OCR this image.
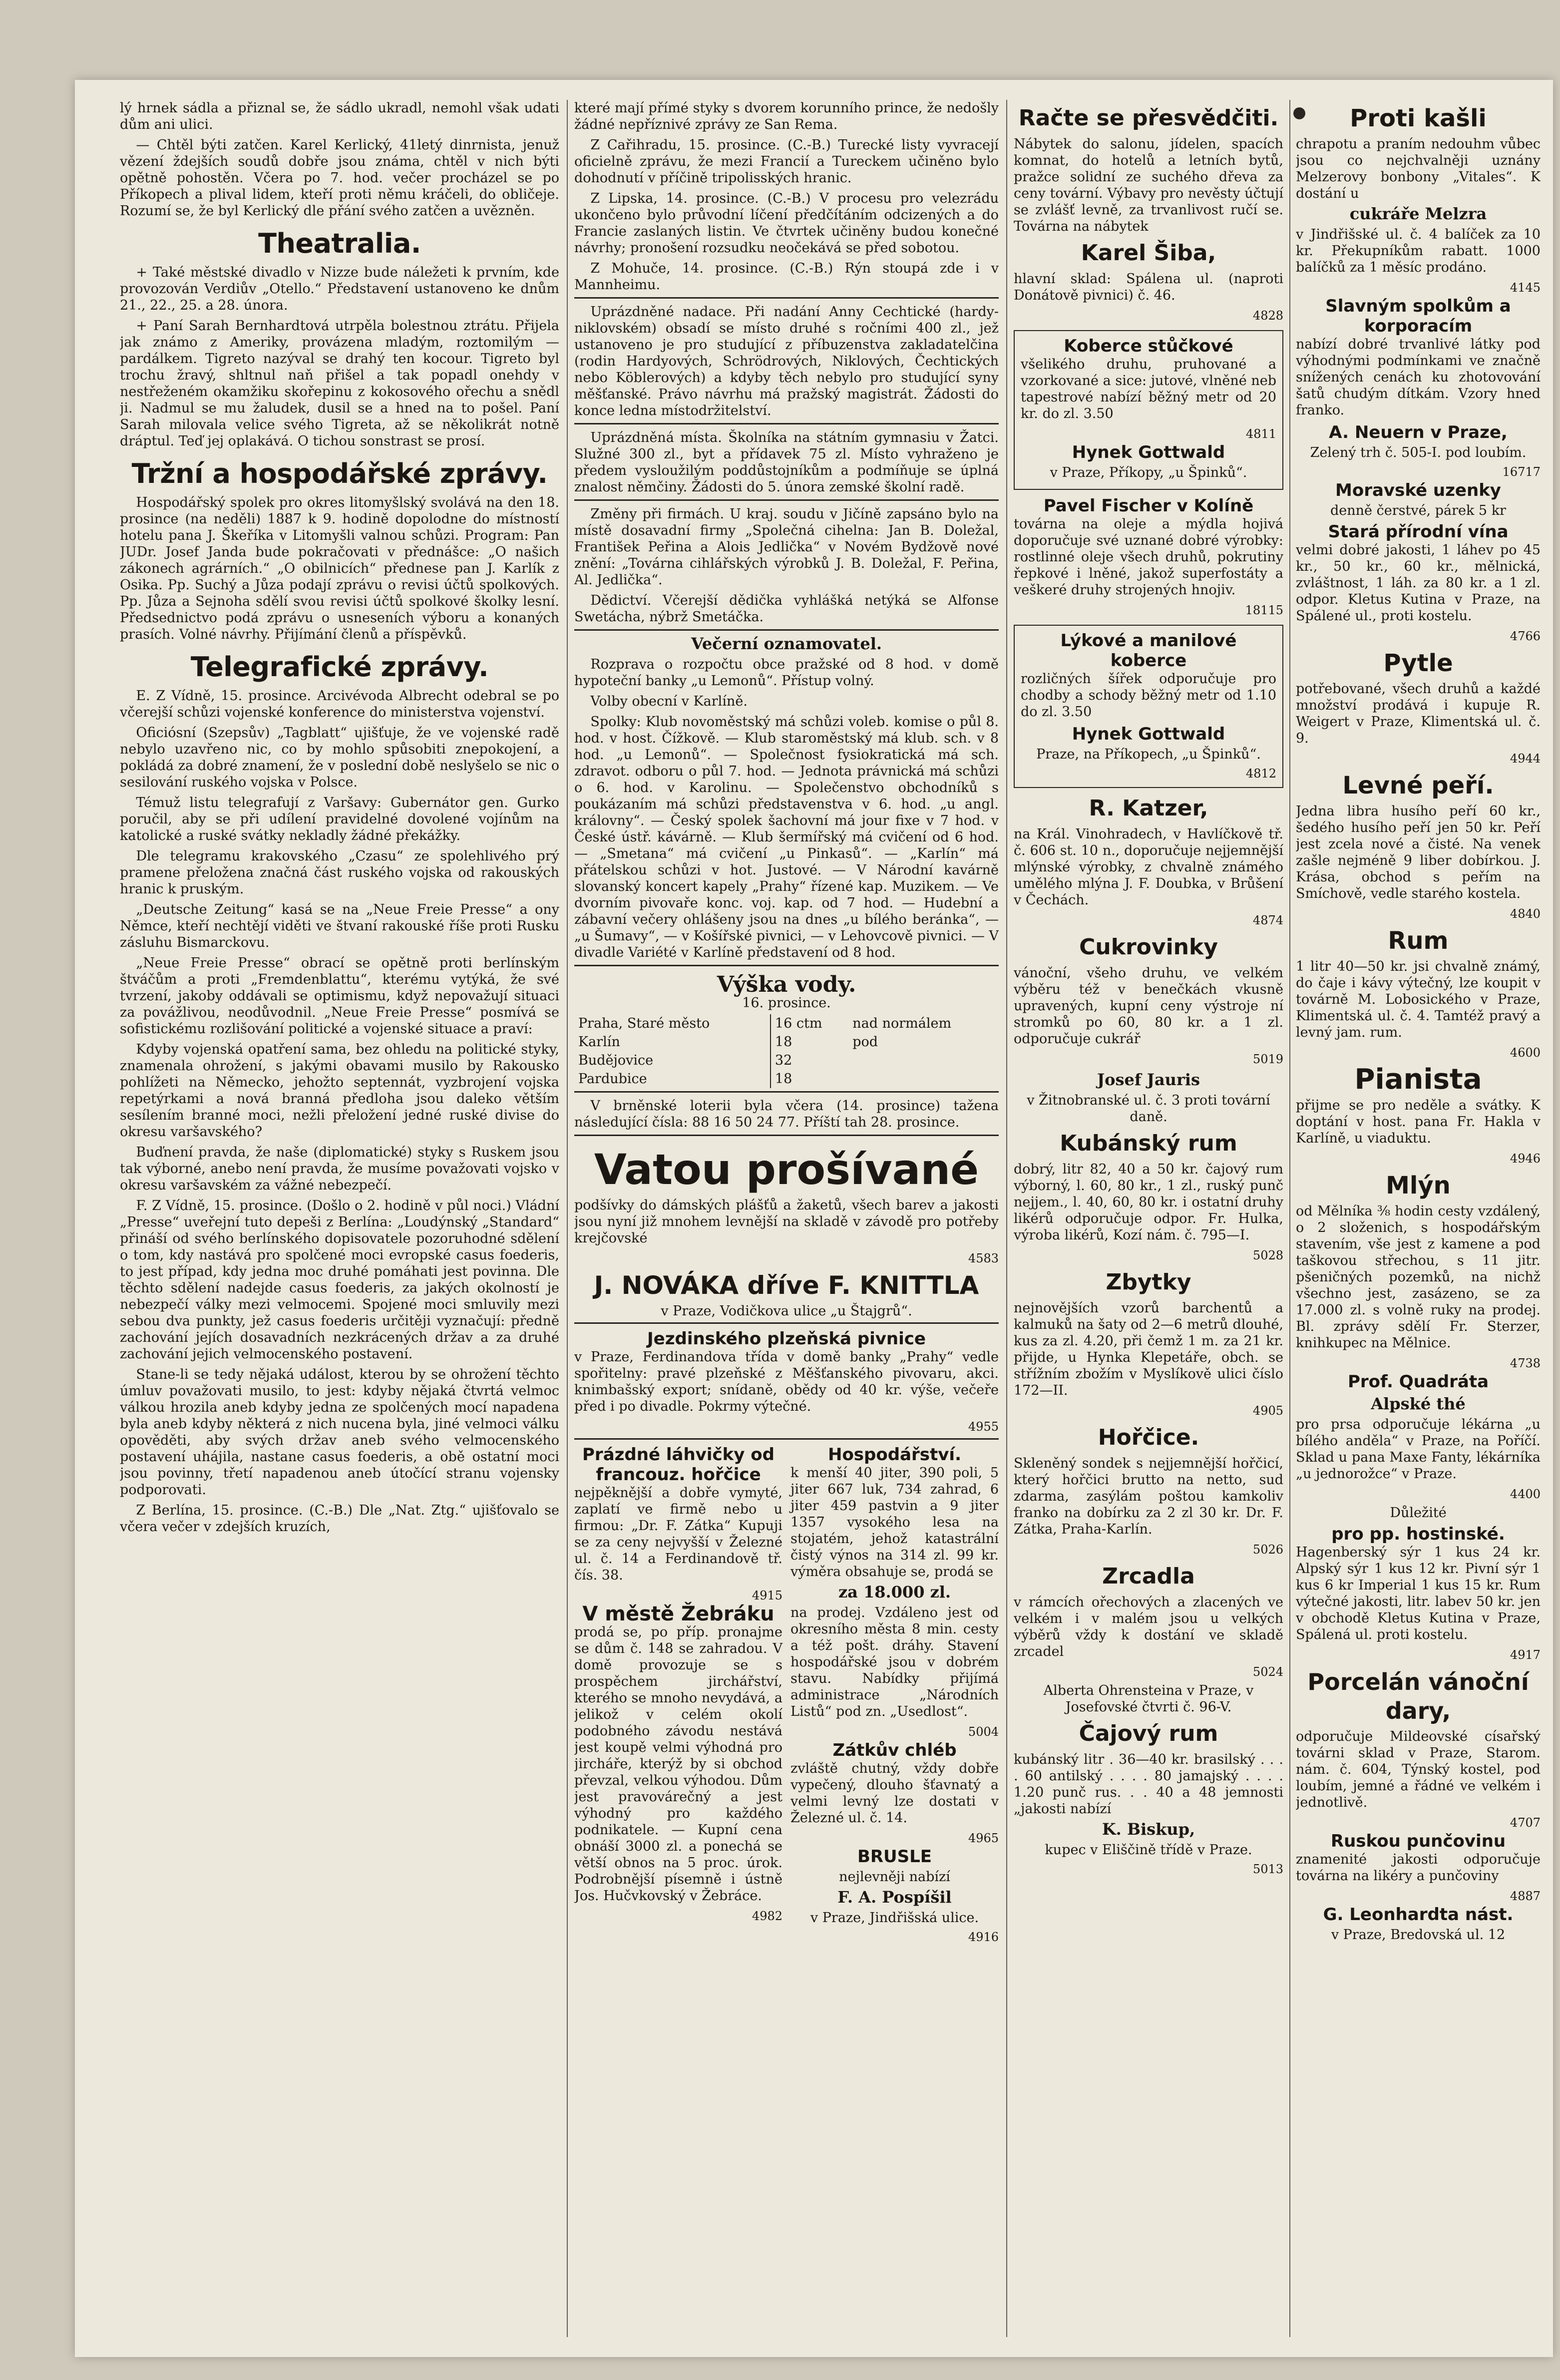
lý hrnek sádla a přiznal se, že sádlo ukradl, nemohl však udati dům ani ulici.

— Chtěl býti zatčen. Karel Kerlický, 41letý dinrnista, jenuž vězení ždejších soudů dobře jsou známa, chtěl v nich býti opětně pohostěn. Včera po 7. hod. večer procházel se po Příkopech a plival lidem, kteří proti němu kráčeli, do obličeje. Rozumí se, že byl Kerlický dle přání svého zatčen a uvězněn.

Theatralia.

+ Také městské divadlo v Nizze bude náležeti k prvním, kde provozován Verdiův „Otello.“ Představení ustanoveno ke dnům 21., 22., 25. a 28. února.

+ Paní Sarah Bernhardtová utrpěla bolestnou ztrátu. Přijela jak známo z Ameriky, provázena mladým, roztomilým — pardálkem. Tigreto nazýval se drahý ten kocour. Tigreto byl trochu žravý, shltnul naň přišel a tak popadl onehdy v nestřeženém okamžiku skořepinu z kokosového ořechu a snědl ji. Nadmul se mu žaludek, dusil se a hned na to pošel. Paní Sarah milovala velice svého Tigreta, až se několikrát notně dráptul. Teď jej oplakává. O tichou sonstrast se prosí.

Tržní a hospodářské zprávy.

Hospodářský spolek pro okres litomyšlský svolává na den 18. prosince (na neděli) 1887 k 9. hodině dopolodne do místností hotelu pana J. Škeříka v Litomyšli valnou schůzi. Program: Pan JUDr. Josef Janda bude pokračovati v přednášce: „O našich zákonech agrárních.“ „O obilnicích“ přednese pan J. Karlík z Osika. Pp. Suchý a Jůza podají zprávu o revisi účtů spolkových. Pp. Jůza a Sejnoha sdělí svou revisi účtů spolkové školky lesní. Předsednictvo podá zprávu o usneseních výboru a konaných prasích. Volné návrhy. Přijímání členů a příspěvků.

Telegrafické zprávy.

E. Z Vídně, 15. prosince. Arcivévoda Albrecht odebral se po včerejší schůzi vojenské konference do ministerstva vojenství.

Oficiósní (Szepsův) „Tagblatt“ ujišťuje, že ve vojenské radě nebylo uzavřeno nic, co by mohlo spůsobiti znepokojení, a pokládá za dobré znamení, že v poslední době neslyšelo se nic o sesilování ruského vojska v Polsce.

Témuž listu telegrafují z Varšavy: Gubernátor gen. Gurko poručil, aby se při udílení pravidelné dovolené vojínům na katolické a ruské svátky nekladly žádné překážky.

Dle telegramu krakovského „Czasu“ ze spolehlivého prý pramene přeložena značná část ruského vojska od rakouských hranic k pruským.

„Deutsche Zeitung“ kasá se na „Neue Freie Presse“ a ony Němce, kteří nechtějí viděti ve štvaní rakouské říše proti Rusku zásluhu Bismarckovu.

„Neue Freie Presse“ obrací se opětně proti berlínským štváčům a proti „Fremdenblattu“, kterému vytýká, že své tvrzení, jakoby oddávali se optimismu, když nepovažují situaci za povážlivou, neodůvodnil. „Neue Freie Presse“ posmívá se sofistickému rozlišování politické a vojenské situace a praví:

Kdyby vojenská opatření sama, bez ohledu na politické styky, znamenala ohrožení, s jakými obavami musilo by Rakousko pohlížeti na Německo, jehožto septennát, vyzbrojení vojska repetýrkami a nová branná předloha jsou daleko větším sesílením branné moci, nežli přeložení jedné ruské divise do okresu varšavského?

Buďnení pravda, že naše (diplomatické) styky s Ruskem jsou tak výborné, anebo není pravda, že musíme považovati vojsko v okresu varšavském za vážné nebezpečí.

F. Z Vídně, 15. prosince. (Došlo o 2. hodině v půl noci.) Vládní „Presse“ uveřejní tuto depeši z Berlína: „Loudýnský „Standard“ přináší od svého berlínského dopisovatele pozoruhodné sdělení o tom, kdy nastává pro spolčené moci evropské casus foederis, to jest případ, kdy jedna moc druhé pomáhati jest povinna. Dle těchto sdělení nadejde casus foederis, za jakých okolností je nebezpečí války mezi velmocemi. Spojené moci smluvily mezi sebou dva punkty, jež casus foederis určitěji vyznačují: předně zachování jejích dosavadních nezkrácených držav a za druhé zachování jejich velmocenského postavení.

Stane-li se tedy nějaká událost, kterou by se ohrožení těchto úmluv považovati musilo, to jest: kdyby nějaká čtvrtá velmoc válkou hrozila aneb kdyby jedna ze spolčených mocí napadena byla aneb kdyby některá z nich nucena byla, jiné velmoci válku opověděti, aby svých držav aneb svého velmocenského postavení uhájila, nastane casus foederis, a obě ostatní moci jsou povinny, třetí napadenou aneb útočící stranu vojensky podporovati.

Z Berlína, 15. prosince. (C.-B.) Dle „Nat. Ztg.“ ujišťovalo se včera večer v zdejších kruzích,

které mají přímé styky s dvorem korunního prince, že nedošly žádné nepříznivé zprávy ze San Rema.

Z Cařihradu, 15. prosince. (C.-B.) Turecké listy vyvracejí oficielně zprávu, že mezi Francií a Tureckem učiněno bylo dohodnutí v příčině tripolisských hranic.

Z Lipska, 14. prosince. (C.-B.) V procesu pro velezrádu ukončeno bylo průvodní líčení předčítáním odcizených a do Francie zaslaných listin. Ve čtvrtek učiněny budou konečné návrhy; pronošení rozsudku neočekává se před sobotou.

Z Mohuče, 14. prosince. (C.-B.) Rýn stoupá zde i v Mannheimu.

Uprázdněné nadace. Při nadání Anny Cechtické (hardy-niklovském) obsadí se místo druhé s ročními 400 zl., jež ustanoveno je pro studující z příbuzenstva zakladatelčina (rodin Hardyových, Schrödrových, Niklových, Čechtických nebo Köblerových) a kdyby těch nebylo pro studující syny měšťanské. Právo návrhu má pražský magistrát. Žádosti do konce ledna místodržitelství.

Uprázdněná místa. Školníka na státním gymnasiu v Žatci. Služné 300 zl., byt a přídavek 75 zl. Místo vyhraženo je předem vysloužilým poddůstojníkům a podmíňuje se úplná znalost němčiny. Žádosti do 5. února zemské školní radě.

Změny při firmách. U kraj. soudu v Jičíně zapsáno bylo na místě dosavadní firmy „Společná cihelna: Jan B. Doležal, František Peřina a Alois Jedlička“ v Novém Bydžově nové znění: „Továrna cihlářských výrobků J. B. Doležal, F. Peřina, Al. Jedlička“.

Dědictví. Včerejší dědička vyhlášká netýká se Alfonse Swetácha, nýbrž Smetáčka.

Večerní oznamovatel.

Rozprava o rozpočtu obce pražské od 8 hod. v domě hypoteční banky „u Lemonů“. Přístup volný.

Volby obecní v Karlíně.

Spolky: Klub novoměstský má schůzi voleb. komise o půl 8. hod. v host. Čížkově. — Klub staroměstský má klub. sch. v 8 hod. „u Lemonů“. — Společnost fysiokratická má sch. zdravot. odboru o půl 7. hod. — Jednota právnická má schůzi o 6. hod. v Karolinu. — Společenstvo obchodníků s poukázaním má schůzi představenstva v 6. hod. „u angl. královny“. — Český spolek šachovní má jour fixe v 7 hod. v České ústř. kávárně. — Klub šermířský má cvičení od 6 hod. — „Smetana“ má cvičení „u Pinkasů“. — „Karlín“ má přátelskou schůzi v hot. Justové. — V Národní kavárně slovanský koncert kapely „Prahy“ řízené kap. Muzikem. — Ve dvorním pivovaře konc. voj. kap. od 7 hod. — Hudební a zábavní večery ohlášeny jsou na dnes „u bílého beránka“, — „u Šumavy“, — v Košířské pivnici, — v Lehovcově pivnici. — V divadle Variété v Karlíně představení od 8 hod.

Výška vody.
16. prosince.
Praha, Staré město	16 ctm	nad normálem
Karlín	18	pod
Budějovice	32	
Pardubice	18	

V brněnské loterii byla včera (14. prosince) tažena následující čísla: 88 16 50 24 77. Příští tah 28. prosince.

Vatou prošívané

podšívky do dámských plášťů a žaketů, všech barev a jakosti jsou nyní již mnohem levnější na skladě v závodě pro potřeby krejčovské

4583
J. NOVÁKA dříve F. KNITTLA
v Praze, Vodičkova ulice „u Štajgrů“.
Jezdinského plzeňská pivnice

v Praze, Ferdinandova třída v domě banky „Prahy“ vedle spořitelny: pravé plzeňské z Měšťanského pivovaru, akci. knimbašský export; snídaně, obědy od 40 kr. výše, večeře před i po divadle. Pokrmy výtečné.

4955
Prázdné láhvičky od francouz. hořčice

nejpěknější a dobře vymyté, zaplatí ve firmě nebo u firmou: „Dr. F. Zátka“ Kupuji se za ceny nejvyšší v Železné ul. č. 14 a Ferdinandově tř. čís. 38.

4915
V městě Žebráku

prodá se, po příp. pronajme se dům č. 148 se zahradou. V domě provozuje se s prospěchem jirchářství, kterého se mnoho nevydává, a jelikož v celém okolí podobného závodu nestává jest koupě velmi výhodná pro jircháře, kterýž by si obchod převzal, velkou výhodou. Dům jest pravovárečný a jest výhodný pro každého podnikatele. — Kupní cena obnáší 3000 zl. a ponechá se větší obnos na 5 proc. úrok. Podrobnější písemně i ústně Jos. Hučvkovský v Žebráce.

4982
Hospodářství.

k menší 40 jiter, 390 poli, 5 jiter 667 luk, 734 zahrad, 6 jiter 459 pastvin a 9 jiter 1357 vysokého lesa na stojatém, jehož katastrální čistý výnos na 314 zl. 99 kr. výměra obsahuje se, prodá se

za 18.000 zl.

na prodej. Vzdáleno jest od okresního města 8 min. cesty a též pošt. dráhy. Stavení hospodářské jsou v dobrém stavu. Nabídky přijímá administrace „Národních Listů“ pod zn. „Usedlost“.

5004
Zátkův chléb

zvláště chutný, vždy dobře vypečený, dlouho šťavnatý a velmi levný lze dostati v Železné ul. č. 14.

4965
BRUSLE
nejlevněji nabízí
F. A. Pospíšil
v Praze, Jindřišská ulice.
4916
Račte se přesvědčiti.

Nábytek do salonu, jídelen, spacích komnat, do hotelů a letních bytů, pražce solidní ze suchého dřeva za ceny tovární. Výbavy pro nevěsty účtují se zvlášť levně, za trvanlivost ručí se. Továrna na nábytek

Karel Šiba,

hlavní sklad: Spálena ul. (naproti Donátově pivnici) č. 46.

4828
Koberce stůčkové

všelikého druhu, pruhované a vzorkované a sice: jutové, vlněné neb tapestrové nabízí běžný metr od 20 kr. do zl. 3.50

4811
Hynek Gottwald
v Praze, Příkopy, „u Špinků“.
Pavel Fischer v Kolíně

továrna na oleje a mýdla hojivá doporučuje své uznané dobré výrobky: rostlinné oleje všech druhů, pokrutiny řepkové i lněné, jakož superfostáty a veškeré druhy strojených hnojiv.

18115
Lýkové a manilové koberce

rozličných šířek odporučuje pro chodby a schody běžný metr od 1.10 do zl. 3.50

Hynek Gottwald
Praze, na Příkopech, „u Špinků“.
4812
R. Katzer,

na Král. Vinohradech, v Havlíčkově tř. č. 606 st. 10 n., doporučuje nejjemnější mlýnské výrobky, z chvalně známého umělého mlýna J. F. Doubka, v Brůšení v Čechách.

4874
Cukrovinky

vánoční, všeho druhu, ve velkém výběru též v benečkách vkusně upravených, kupní ceny výstroje ní stromků po 60, 80 kr. a 1 zl. odporučuje cukrář

5019
Josef Jauris
v Žitnobranské ul. č. 3 proti tovární daně.
Kubánský rum

dobrý, litr 82, 40 a 50 kr. čajový rum výborný, l. 60, 80 kr., 1 zl., ruský punč nejjem., l. 40, 60, 80 kr. i ostatní druhy likérů odporučuje odpor. Fr. Hulka, výroba likérů, Kozí nám. č. 795—I.

5028
Zbytky

nejnovějších vzorů barchentů a kalmuků na šaty od 2—6 metrů dlouhé, kus za zl. 4.20, při čemž 1 m. za 21 kr. přijde, u Hynka Klepetáře, obch. se střížním zbožím v Myslíkově ulici číslo 172—II.

4905
Hořčice.

Skleněný sondek s nejjemnější hořčicí, který hořčici brutto na netto, sud zdarma, zasýlám poštou kamkoliv franko na dobírku za 2 zl 30 kr. Dr. F. Zátka, Praha-Karlín.

5026
Zrcadla

v rámcích ořechových a zlacených ve velkém i v malém jsou u velkých výběrů vždy k dostání ve skladě zrcadel

5024
Alberta Ohrensteina v Praze, v Josefovské čtvrti č. 96-V.
Čajový rum

kubánský litr . 36—40 kr. brasilský . . . . 60 antilský . . . . 80 jamajský . . . . 1.20 punč rus. . . 40 a 48 jemnosti „jakosti nabízí

K. Biskup,
kupec v Eliščině třídě v Praze.
5013
Proti kašli

chrapotu a praním nedouhm vůbec jsou co nejchvalněji uznány Melzerovy bonbony „Vitales“. K dostání u

cukráře Melzra

v Jindřišské ul. č. 4 balíček za 10 kr. Překupníkům rabatt. 1000 balíčků za 1 měsíc prodáno.

4145
Slavným spolkům a korporacím

nabízí dobré trvanlivé látky pod výhodnými podmínkami ve značně snížených cenách ku zhotovování šatů chudým dítkám. Vzory hned franko.

A. Neuern v Praze,
Zelený trh č. 505-I. pod loubím.
16717
Moravské uzenky
denně čerstvé, párek 5 kr
Stará přírodní vína

velmi dobré jakosti, 1 láhev po 45 kr., 50 kr., 60 kr., mělnická, zvláštnost, 1 láh. za 80 kr. a 1 zl. odpor. Kletus Kutina v Praze, na Spálené ul., proti kostelu.

4766
Pytle

potřebované, všech druhů a každé množství prodává i kupuje R. Weigert v Praze, Klimentská ul. č. 9.

4944
Levné peří.

Jedna libra husího peří 60 kr., šedého husího peří jen 50 kr. Peří jest zcela nové a čisté. Na venek zašle nejméně 9 liber dobírkou. J. Krása, obchod s peřím na Smíchově, vedle starého kostela.

4840
Rum

1 litr 40—50 kr. jsi chvalně známý, do čaje i kávy výtečný, lze koupit v továrně M. Lobosického v Praze, Klimentská ul. č. 4. Tamtéž pravý a levný jam. rum.

4600
Pianista

přijme se pro neděle a svátky. K doptání v host. pana Fr. Hakla v Karlíně, u viaduktu.

4946
Mlýn

od Mělníka ⅜ hodin cesty vzdálený, o 2 složenich, s hospodářským stavením, vše jest z kamene a pod taškovou střechou, s 11 jitr. pšeničných pozemků, na nichž všechno jest, zasázeno, se za 17.000 zl. s volně ruky na prodej. Bl. zprávy sdělí Fr. Sterzer, knihkupec na Mělnice.

4738
Prof. Quadráta
Alpské thé

pro prsa odporučuje lékárna „u bílého anděla“ v Praze, na Poříčí. Sklad u pana Maxe Fanty, lékárníka „u jednorožce“ v Praze.

4400
Důležité
pro pp. hostinské.

Hagenberský sýr 1 kus 24 kr. Alpský sýr 1 kus 12 kr. Pivní sýr 1 kus 6 kr Imperial 1 kus 15 kr. Rum výtečné jakosti, litr. labev 50 kr. jen v obchodě Kletus Kutina v Praze, Spálená ul. proti kostelu.

4917
Porcelán vánoční dary,

odporučuje Mildeovské císařský továrni sklad v Praze, Starom. nám. č. 604, Týnský kostel, pod loubím, jemné a řádné ve velkém i jednotlivě.

4707
Ruskou punčovinu

znamenité jakosti odporučuje továrna na likéry a punčoviny

4887
G. Leonhardta nást.
v Praze, Bredovská ul. 12
